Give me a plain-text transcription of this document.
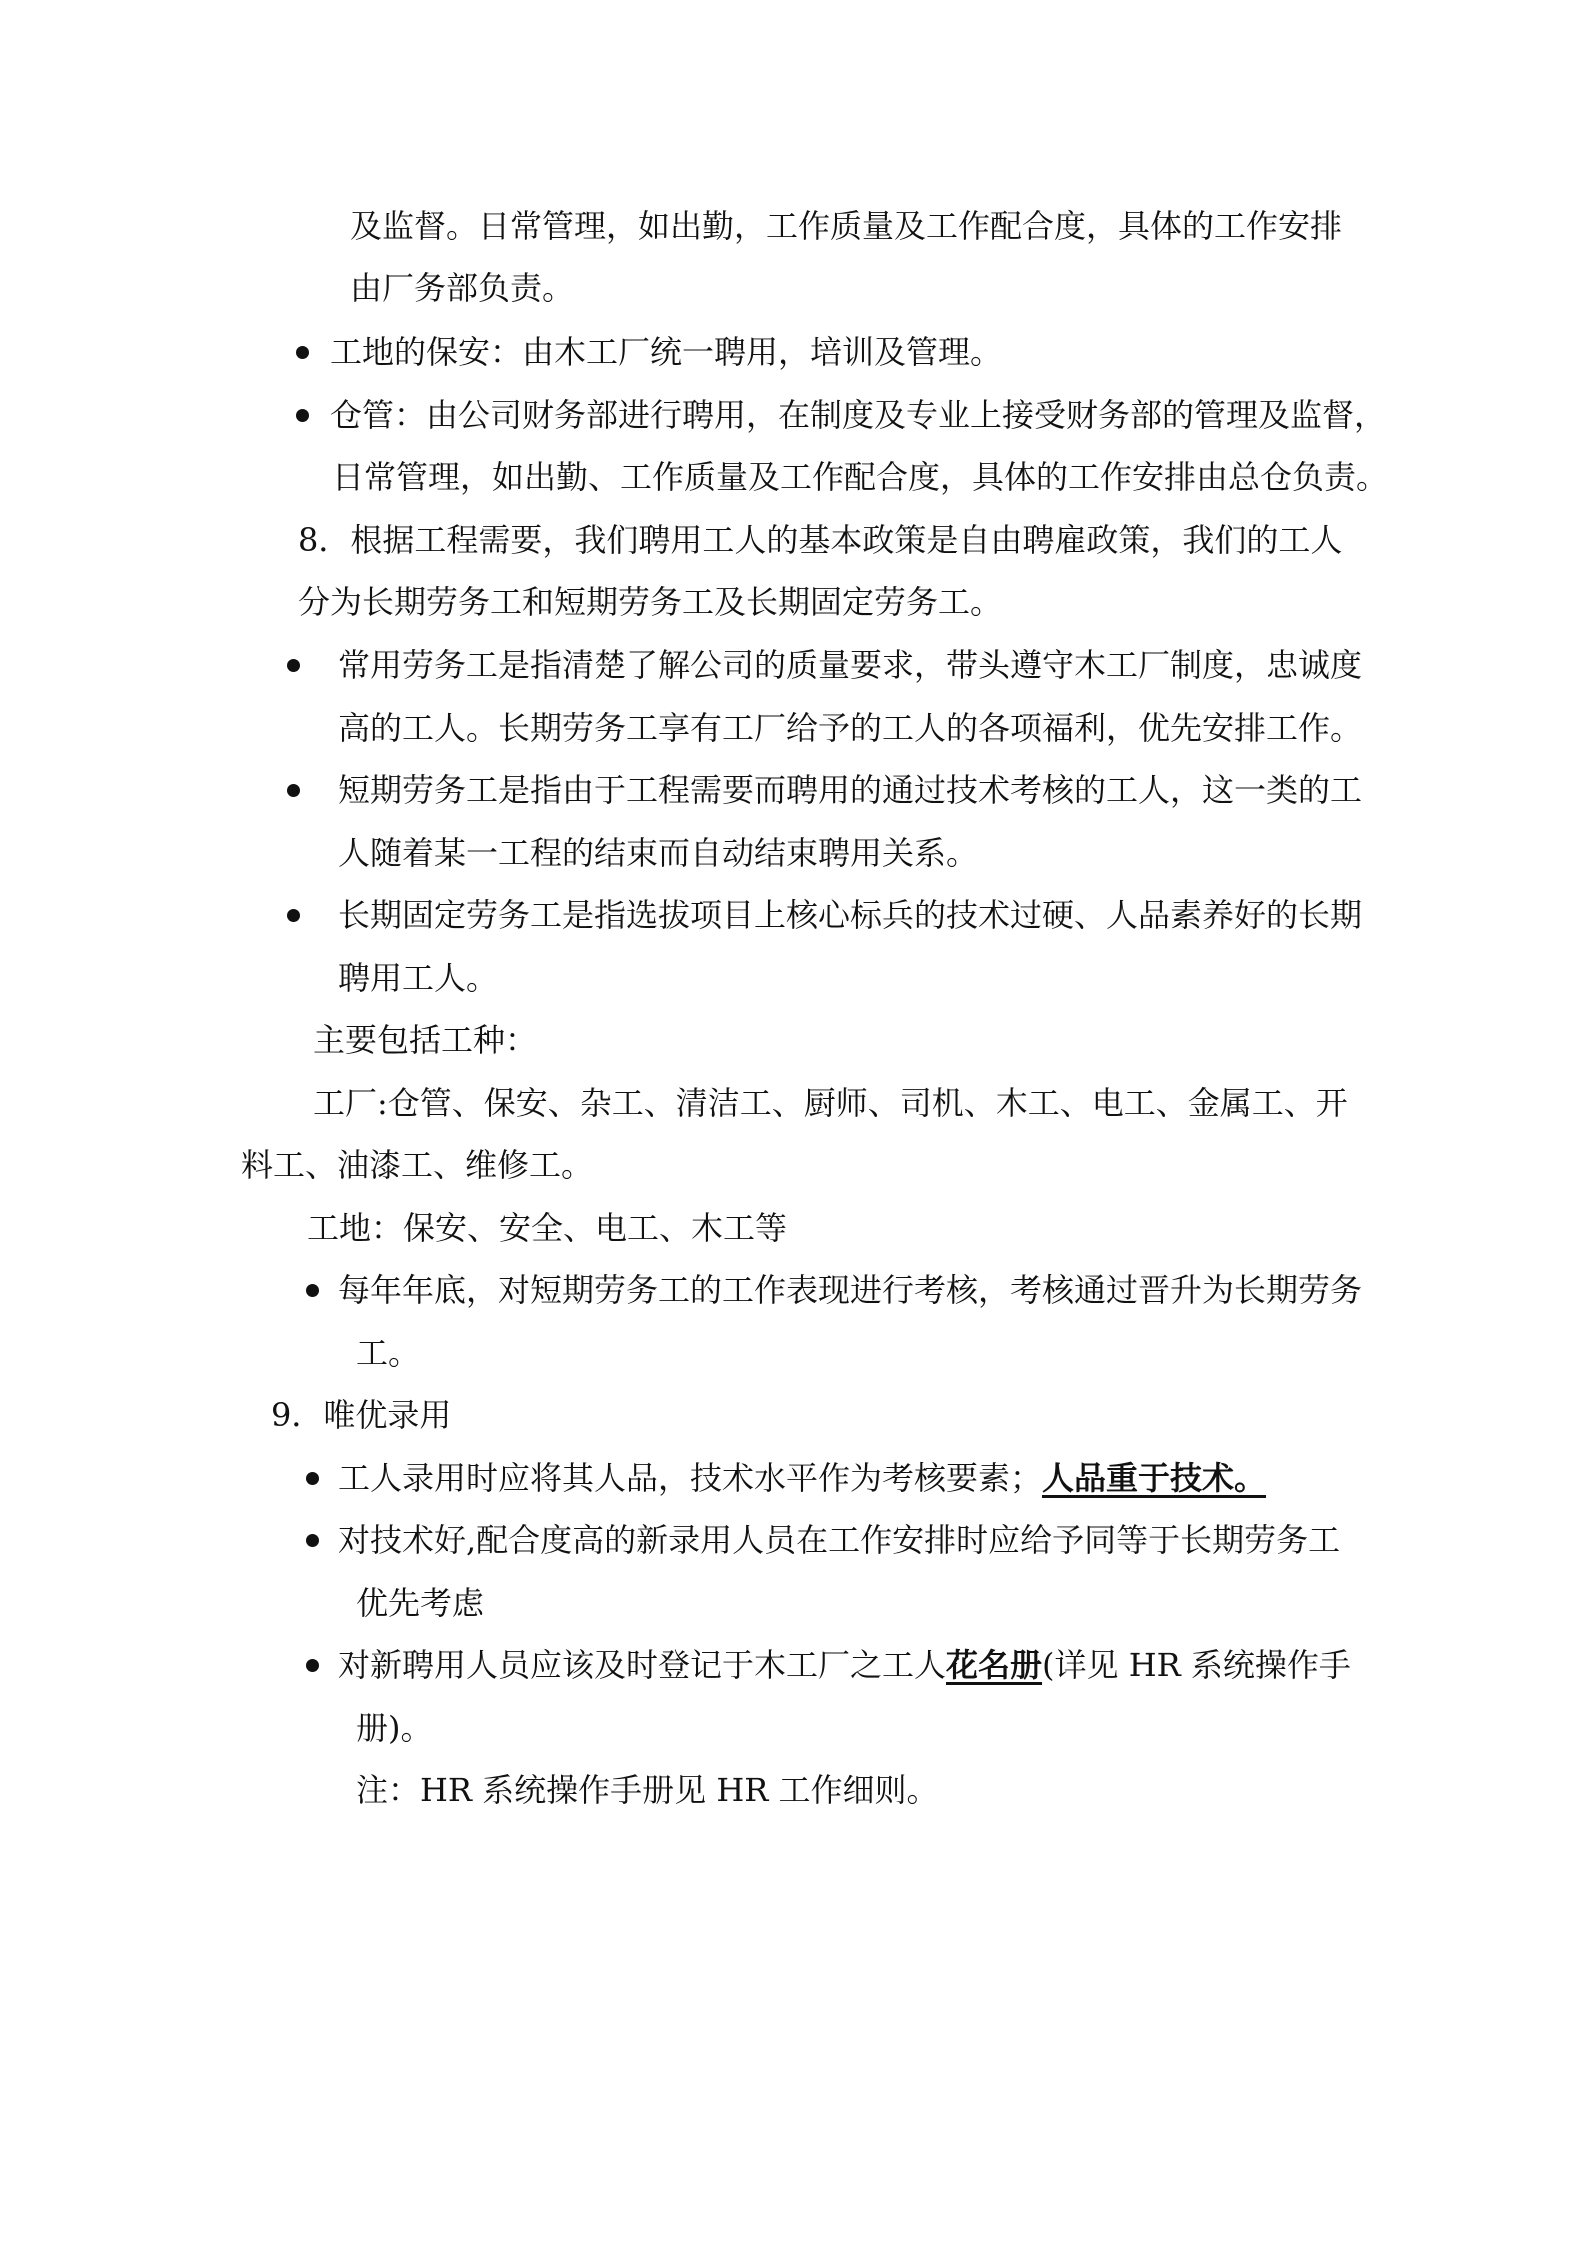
及监督。日常管理，如出勤，工作质量及工作配合度，具体的工作安排
由厂务部负责。
工地的保安：由木工厂统一聘用，培训及管理。
仓管：由公司财务部进行聘用，在制度及专业上接受财务部的管理及监督，
日常管理，如出勤、工作质量及工作配合度，具体的工作安排由总仓负责。
8．根据工程需要，我们聘用工人的基本政策是自由聘雇政策，我们的工人
分为长期劳务工和短期劳务工及长期固定劳务工。
常用劳务工是指清楚了解公司的质量要求，带头遵守木工厂制度，忠诚度
高的工人。长期劳务工享有工厂给予的工人的各项福利，优先安排工作。
短期劳务工是指由于工程需要而聘用的通过技术考核的工人，这一类的工
人随着某一工程的结束而自动结束聘用关系。
长期固定劳务工是指选拔项目上核心标兵的技术过硬、人品素养好的长期
聘用工人。
主要包括工种：
工厂:仓管、保安、杂工、清洁工、厨师、司机、木工、电工、金属工、开
料工、油漆工、维修工。
工地：保安、安全、电工、木工等
每年年底，对短期劳务工的工作表现进行考核，考核通过晋升为长期劳务
工。
9．唯优录用
工人录用时应将其人品，技术水平作为考核要素；人品重于技术。
对技术好,配合度高的新录用人员在工作安排时应给予同等于长期劳务工
优先考虑
对新聘用人员应该及时登记于木工厂之工人花名册(详见 HR 系统操作手
册)。
注：HR 系统操作手册见 HR 工作细则。
